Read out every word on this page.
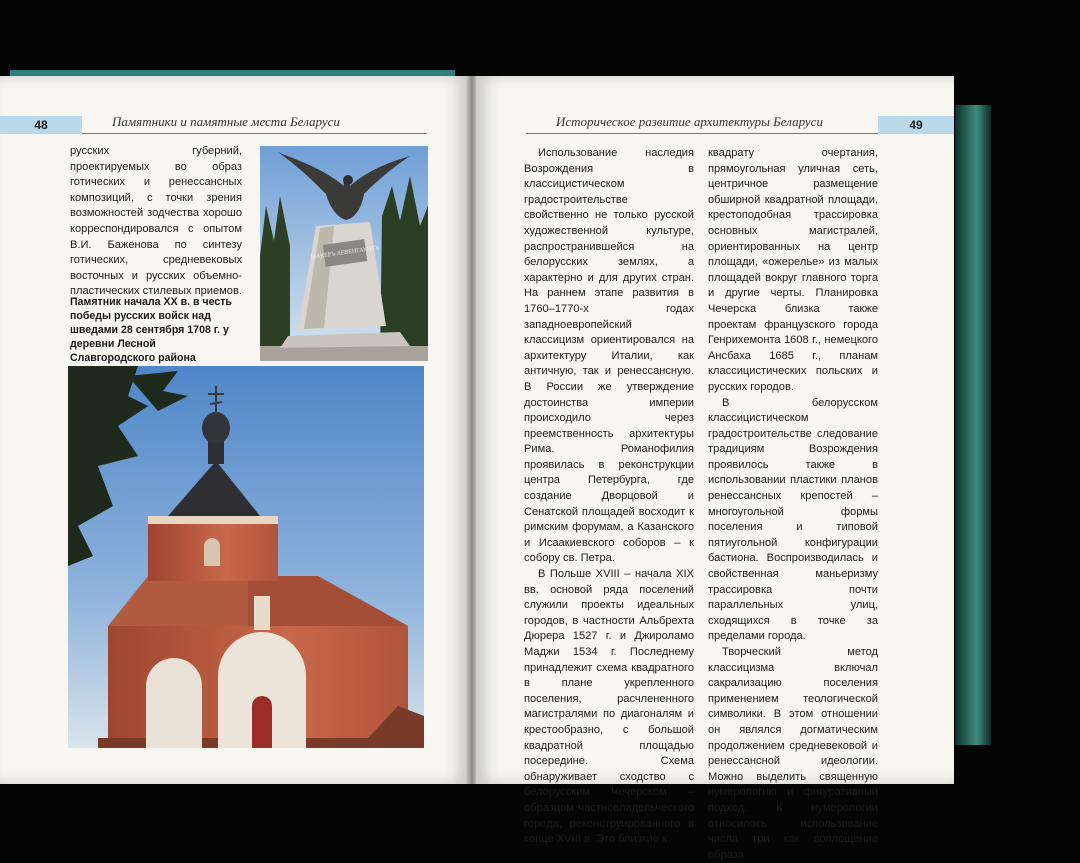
48	Памятники и памятные места Беларуси

русских губерний, проектируемых во образ готических и ренессансных композиций, с точки зрения возможностей зодчества хорошо корреспондировался с опытом В.И. Баженова по синтезу готических, средневековых восточных и русских объемно-пластических стилевых приемов.

Памятник начала XX в. в честь победы русских войск над шведами 28 сентября 1708 г. у деревни Лесной Славгородского района
МАКЕРЪ ЛЕВЕНГАУПТЪ
49
Историческое развитие архитектуры Беларуси

Использование наследия Возрождения в классицистическом градостроительстве свойственно не только русской художественной культуре, распространившейся на белорусских землях, а характерно и для других стран. На раннем этапе развития в 1760–1770-х годах западноевропейский классицизм ориентировался на архитектуру Италии, как античную, так и ренессансную. В России же утверждение достоинства империи происходило через преемственность архитектуры Рима. Романофилия проявилась в реконструкции центра Петербурга, где создание Дворцовой и Сенатской площадей восходит к римским форумам, а Казанского и Исаакиевского соборов – к собору св. Петра.

В Польше XVIII – начала XIX вв. основой ряда поселений служили проекты идеальных городов, в частности Альбрехта Дюрера 1527 г. и Джироламо Маджи 1534 г. Последнему принадлежит схема квадратного в плане укрепленного поселения, расчлененного магистралями по диагоналям и крестообразно, с большой квадратной площадью посередине. Схема обнаруживает сходство с белорусским Чечерском – образцом частновладельческого города, реконструированного в конце XVIII в. Это близкие к

квадрату очертания, прямоугольная уличная сеть, центричное размещение обширной квадратной площади, крестоподобная трассировка основных магистралей, ориентированных на центр площади, «ожерелье» из малых площадей вокруг главного торга и другие черты. Планировка Чечерска близка также проектам французского города Генрихемонта 1608 г., немецкого Ансбаха 1685 г., планам классицистических польских и русских городов.

В белорусском классицистическом градостроительстве следование традициям Возрождения проявилось также в использовании пластики планов ренессансных крепостей – многоугольной формы поселения и типовой пятиугольной конфигурации бастиона. Воспроизводилась и свойственная маньеризму трассировка почти параллельных улиц, сходящихся в точке за пределами города.

Творческий метод классицизма включал сакрализацию поселения применением теологической символики. В этом отношении он являлся догматическим продолжением средневековой и ренессансной идеологии. Можно выделить священную нумерологию и фигуративный подход. К нумерологии относилось использование числа три как воплощение образа
